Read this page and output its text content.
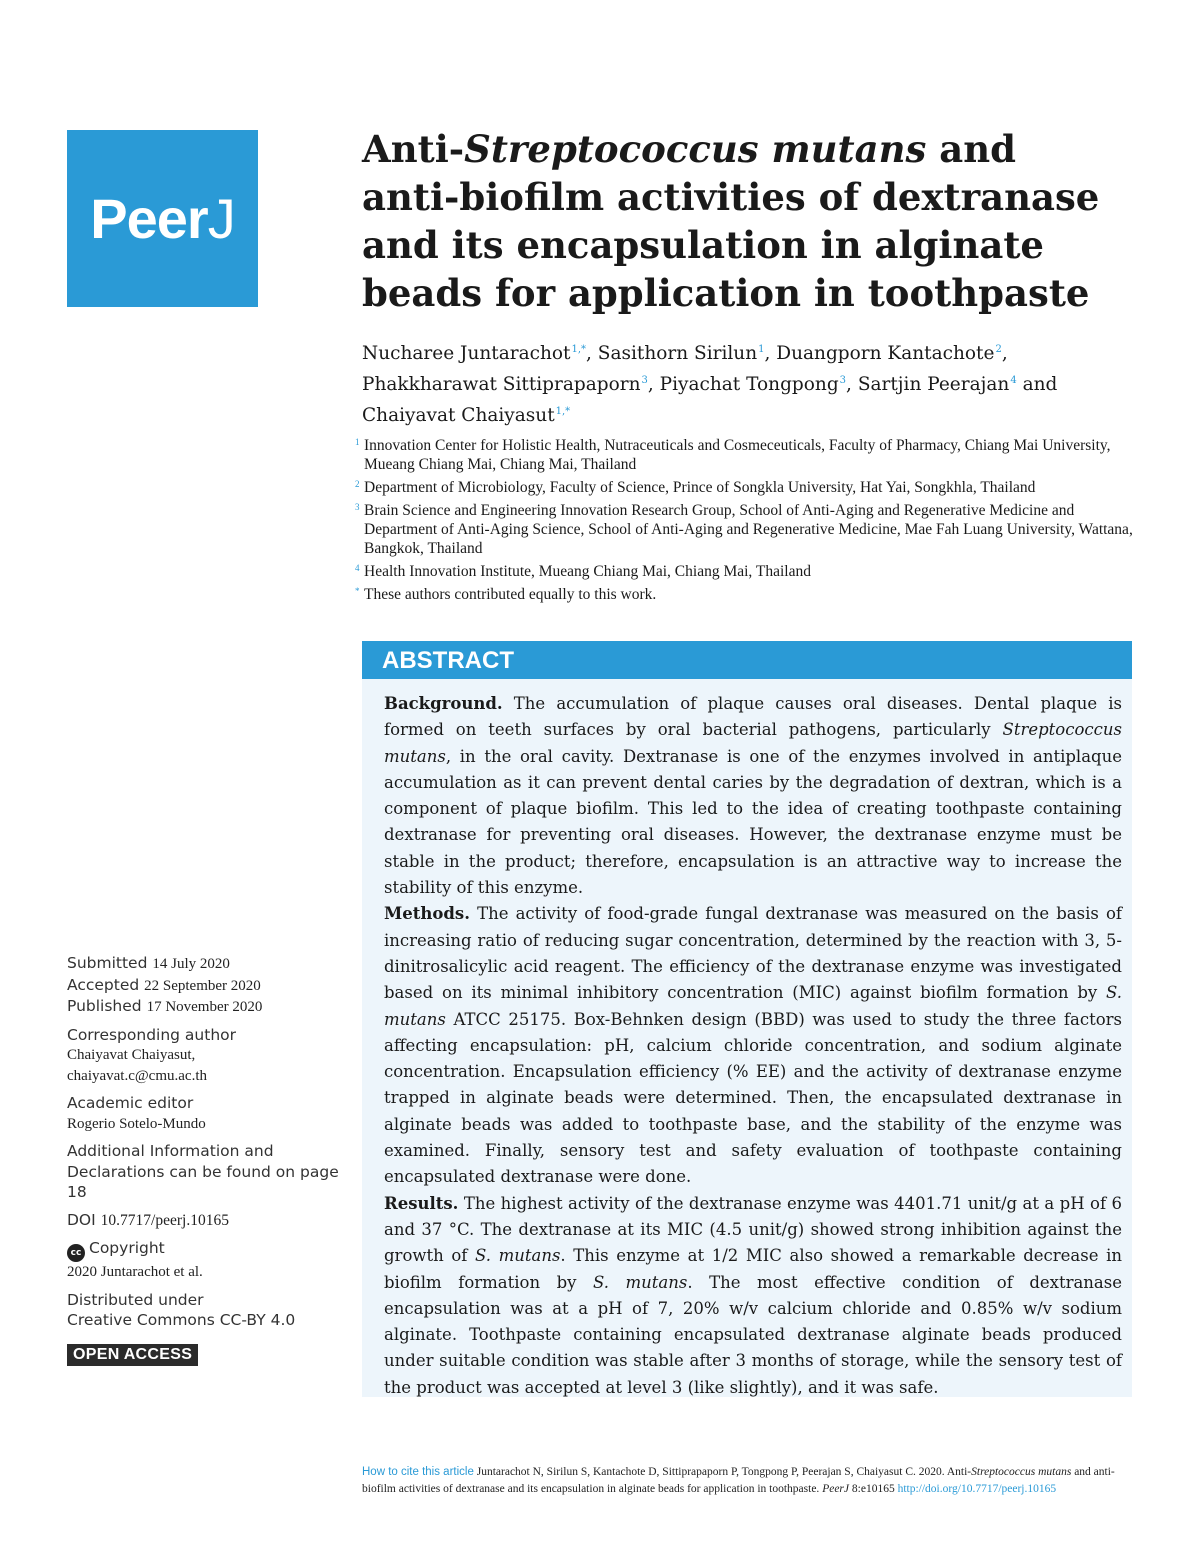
PeerJ
Anti-Streptococcus mutans and anti-biofilm activities of dextranase and its encapsulation in alginate beads for application in toothpaste
Nucharee Juntarachot$^{1,*}$, Sasithorn Sirilun$^1$, Duangporn Kantachote$^2$,
Phakkharawat Sittiprapaporn$^3$, Piyachat Tongpong$^3$, Sartjin Peerajan$^4$ and
Chaiyavat Chaiyasut$^{1,*}$
1 Innovation Center for Holistic Health, Nutraceuticals and Cosmeceuticals, Faculty of Pharmacy, Chiang Mai University, Mueang Chiang Mai, Chiang Mai, Thailand
2 Department of Microbiology, Faculty of Science, Prince of Songkla University, Hat Yai, Songkhla, Thailand
3 Brain Science and Engineering Innovation Research Group, School of Anti-Aging and Regenerative Medicine and Department of Anti-Aging Science, School of Anti-Aging and Regenerative Medicine, Mae Fah Luang University, Wattana, Bangkok, Thailand
4 Health Innovation Institute, Mueang Chiang Mai, Chiang Mai, Thailand
* These authors contributed equally to this work.
ABSTRACT

Background. The accumulation of plaque causes oral diseases. Dental plaque is formed on teeth surfaces by oral bacterial pathogens, particularly Streptococcus mutans, in the oral cavity. Dextranase is one of the enzymes involved in antiplaque accumulation as it can prevent dental caries by the degradation of dextran, which is a component of plaque biofilm. This led to the idea of creating toothpaste containing dextranase for preventing oral diseases. However, the dextranase enzyme must be stable in the product; therefore, encapsulation is an attractive way to increase the stability of this enzyme.

Methods. The activity of food-grade fungal dextranase was measured on the basis of increasing ratio of reducing sugar concentration, determined by the reaction with 3, 5-dinitrosalicylic acid reagent. The efficiency of the dextranase enzyme was investigated based on its minimal inhibitory concentration (MIC) against biofilm formation by S. mutans ATCC 25175. Box-Behnken design (BBD) was used to study the three factors affecting encapsulation: pH, calcium chloride concentration, and sodium alginate concentration. Encapsulation efficiency (% EE) and the activity of dextranase enzyme trapped in alginate beads were determined. Then, the encapsulated dextranase in alginate beads was added to toothpaste base, and the stability of the enzyme was examined. Finally, sensory test and safety evaluation of toothpaste containing encapsulated dextranase were done.

Results. The highest activity of the dextranase enzyme was 4401.71 unit/g at a pH of 6 and 37 °C. The dextranase at its MIC (4.5 unit/g) showed strong inhibition against the growth of S. mutans. This enzyme at 1/2 MIC also showed a remarkable decrease in biofilm formation by S. mutans. The most effective condition of dextranase encapsulation was at a pH of 7, 20% w/v calcium chloride and 0.85% w/v sodium alginate. Toothpaste containing encapsulated dextranase alginate beads produced under suitable condition was stable after 3 months of storage, while the sensory test of the product was accepted at level 3 (like slightly), and it was safe.

Submitted 14 July 2020
Accepted 22 September 2020
Published 17 November 2020
Corresponding author
Chaiyavat Chaiyasut,
chaiyavat.c@cmu.ac.th
Academic editor
Rogerio Sotelo-Mundo
Additional Information and Declarations can be found on page 18
DOI 10.7717/peerj.10165
cc Copyright
2020 Juntarachot et al.
Distributed under
Creative Commons CC-BY 4.0
OPEN ACCESS
How to cite this article Juntarachot N, Sirilun S, Kantachote D, Sittiprapaporn P, Tongpong P, Peerajan S, Chaiyasut C. 2020. Anti-Streptococcus mutans and anti-biofilm activities of dextranase and its encapsulation in alginate beads for application in toothpaste. PeerJ 8:e10165 http://doi.org/10.7717/peerj.10165
